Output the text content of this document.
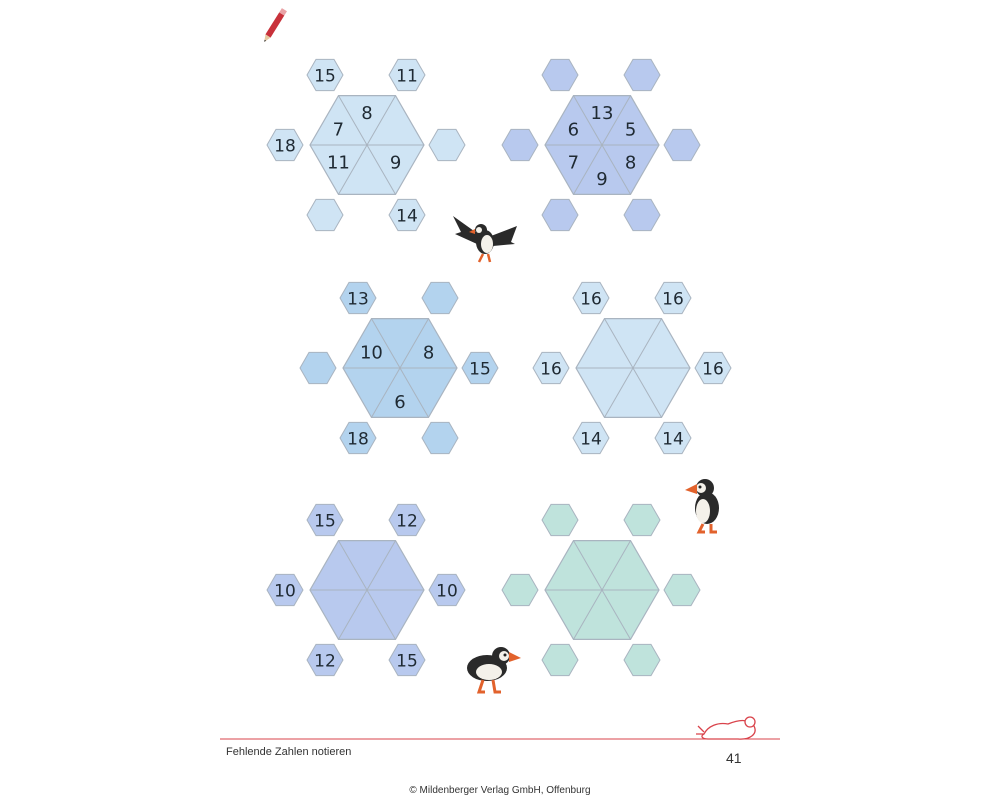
8
9
11
7
15	11
14
18
13
5
8
9
7
6
8
6
10
13
15
18
16	16
16
14
14
16
15	12
10
15
12
10
Fehlende Zahlen notieren	41
© Mildenberger Verlag GmbH, Offenburg
